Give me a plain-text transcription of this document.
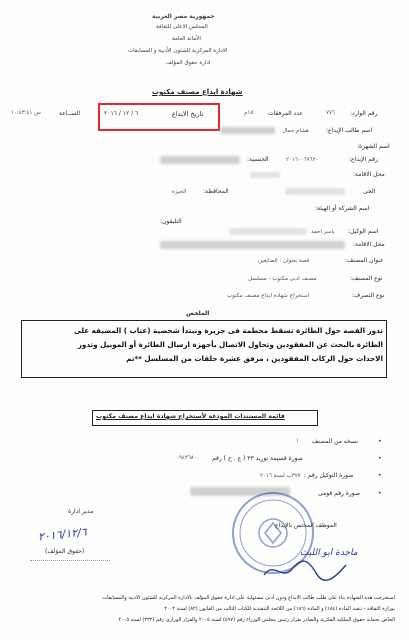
جمهورية مصر العربية
المجلس الاعلى للثقافة
الأمانة العامة
الادارة المركزية للشئون الأدبية و المسابقات
ادارة حقوق المؤلف
شهادة ايداع مصنف مكتوب
رقم الوارد:
٧٧٦
عدد المرفقات
١٥م
تاريخ الايداع
٦ / ١٢ / ٢٠١٦
الســاعة
س ١٠:٤٣:٤١
اسم طالب الإيداع:
هشام جمال
اسم الشهرة:
رقم الإيداع:
٢٠١٦٠٠٦٩٦٢٠
الجنسية:
محل الاقامة:
الحى
المحافظة:
الجيزة
اسم الشركة أو الهيئة:
التليفون:
اسم الوكيل:
ياسر احمد
محل الاقامة:
عنوان المصنف:
قصة بعنوان : الضايعين
نوع المصنف:
مصنف ادبى مكتوب - مسلسل
نوع التصرف:
استخراج شهادة ايداع مصنف مكتوب
الملخص
تدور القصة حول الطائرة تسقط محطمة فى جزيرة وتبتدأ شخصية (عتاب ) المضيفه على
الطائرة بالبحث عن المفقودين وتحاول الاتصال بأجهزة ارسال الطائرة أو الموبيل وتدور
الاحداث حول الركاب المفقودين ، مرفق عشرة حلقات من المسلسل **تم
قائمة المستندات المودعة لأستخراج شهادة ايداع مصنف مكتوب
•
نسخه من المصنف
١
•
صورة قسيمة توريد ٣٣ ( ع . ح ) رقم
٠٩٤٣٦٨٠
•
صورة التوكيل رقم :
٣٧٧ب لسنة ٢٠١٦
•
صورة رقم قومى
مدير ادارة
(حقوق المؤلف)
٢٠١٦/١٢/٦	الموظف المختص بالإيداع
ماجدة ابو الليث
استخرجت هذه الشهادة بناء على طلب طالب الايداع ودون أدنى مسئولية على ادارة حقوق المؤلف بالادارة المركزية للشئون الادبية والمسابقات
بوزارة الثقافة - تنفيذ المادة (١٨٤) و المادة (١٨٦) من اللائحة التنفيذية للكتاب الثالث من القانون (٨٢) لسنة ٢٠٠٢
الخاص بحماية حقوق الملكية الفكرية والصادر بقرار رئيس مجلس الوزراء رقم (٤٩٧) لسنة ٢٠٠٥ والقرار الوزارى رقم (٣٣٢) لسنة ٢٠٠٥
